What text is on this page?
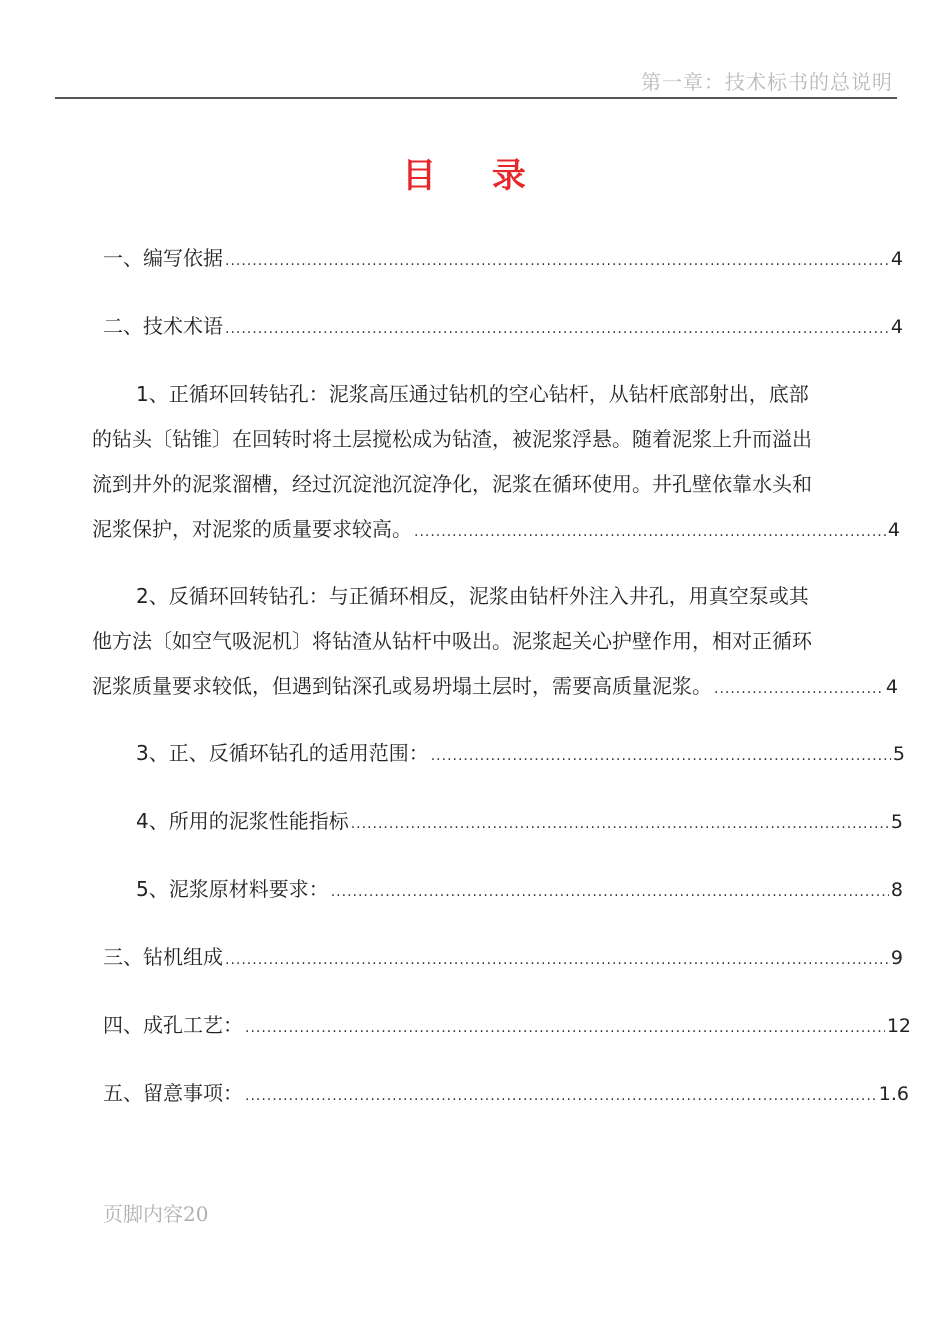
第一章：技术标书的总说明
目 录
一、编写依据 .....	4
二、技术术语 .....	4
1、正循环回转钻孔：泥浆高压通过钻机的空心钻杆，从钻杆底部射出，底部
的钻头〔钻锥〕在回转时将土层搅松成为钻渣，被泥浆浮悬。随着泥浆上升而溢出
流到井外的泥浆溜槽，经过沉淀池沉淀净化，泥浆在循环使用。井孔壁依靠水头和
泥浆保护，对泥浆的质量要求较高。 .....	4
2、反循环回转钻孔：与正循环相反，泥浆由钻杆外注入井孔，用真空泵或其
他方法〔如空气吸泥机〕将钻渣从钻杆中吸出。泥浆起关心护壁作用，相对正循环
泥浆质量要求较低，但遇到钻深孔或易坍塌土层时，需要高质量泥浆。 .....	4
3、正、反循环钻孔的适用范围： .....	5
4、所用的泥浆性能指标 .....	5
5、泥浆原材料要求： .....	8
三、钻机组成 .....	9
四、成孔工艺： .....	12
五、留意事项： .....	1.6
页脚内容20
